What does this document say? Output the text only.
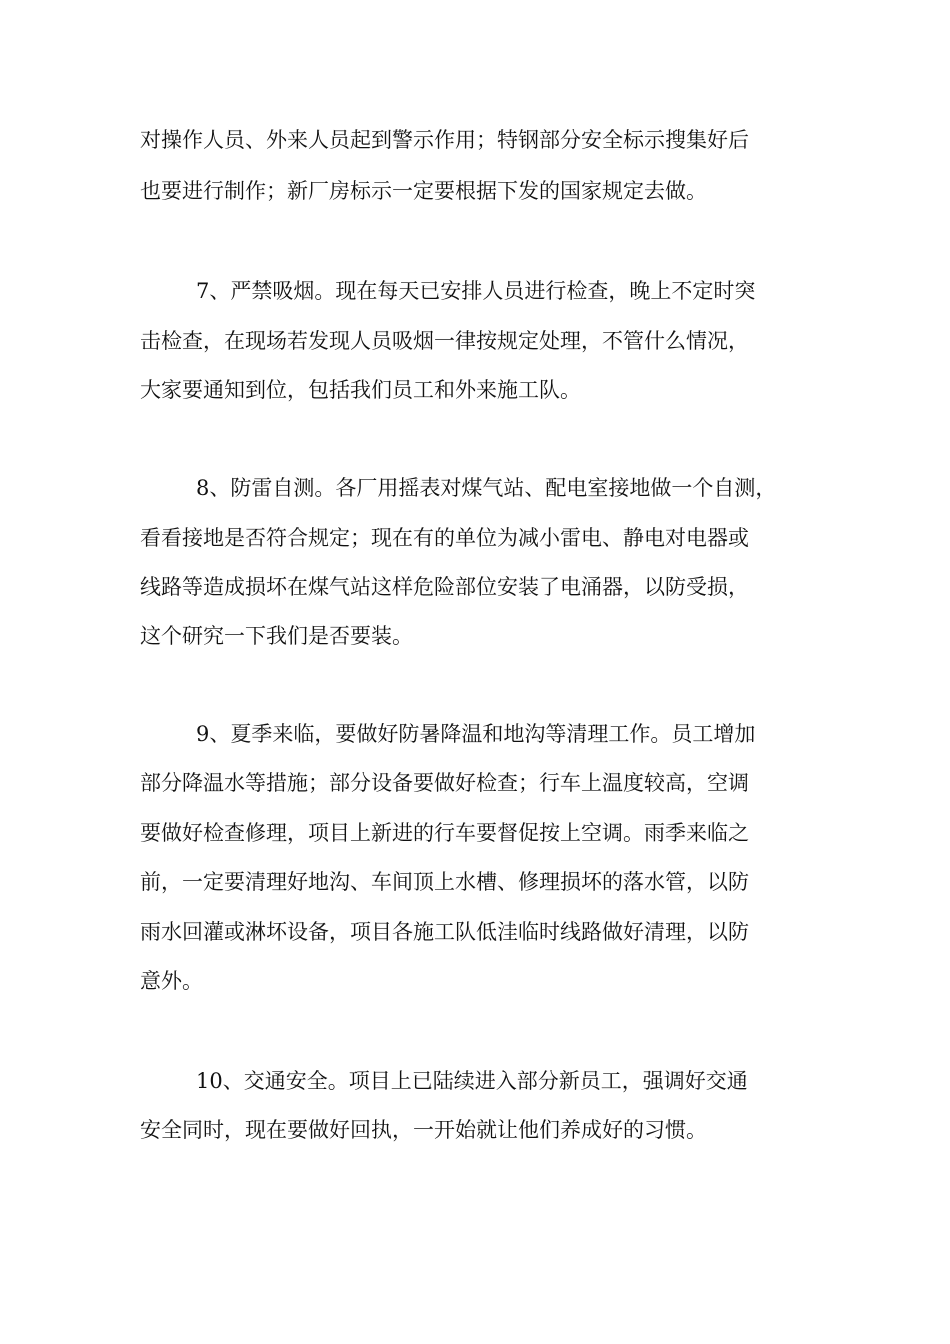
对操作人员、外来人员起到警示作用；特钢部分安全标示搜集好后

也要进行制作；新厂房标示一定要根据下发的国家规定去做。

7、严禁吸烟。现在每天已安排人员进行检查，晚上不定时突

击检查，在现场若发现人员吸烟一律按规定处理，不管什么情况，

大家要通知到位，包括我们员工和外来施工队。

8、防雷自测。各厂用摇表对煤气站、配电室接地做一个自测，

看看接地是否符合规定；现在有的单位为减小雷电、静电对电器或

线路等造成损坏在煤气站这样危险部位安装了电涌器，以防受损，

这个研究一下我们是否要装。

9、夏季来临，要做好防暑降温和地沟等清理工作。员工增加

部分降温水等措施；部分设备要做好检查；行车上温度较高，空调

要做好检查修理，项目上新进的行车要督促按上空调。雨季来临之

前，一定要清理好地沟、车间顶上水槽、修理损坏的落水管，以防

雨水回灌或淋坏设备，项目各施工队低洼临时线路做好清理，以防

意外。

10、交通安全。项目上已陆续进入部分新员工，强调好交通

安全同时，现在要做好回执，一开始就让他们养成好的习惯。
